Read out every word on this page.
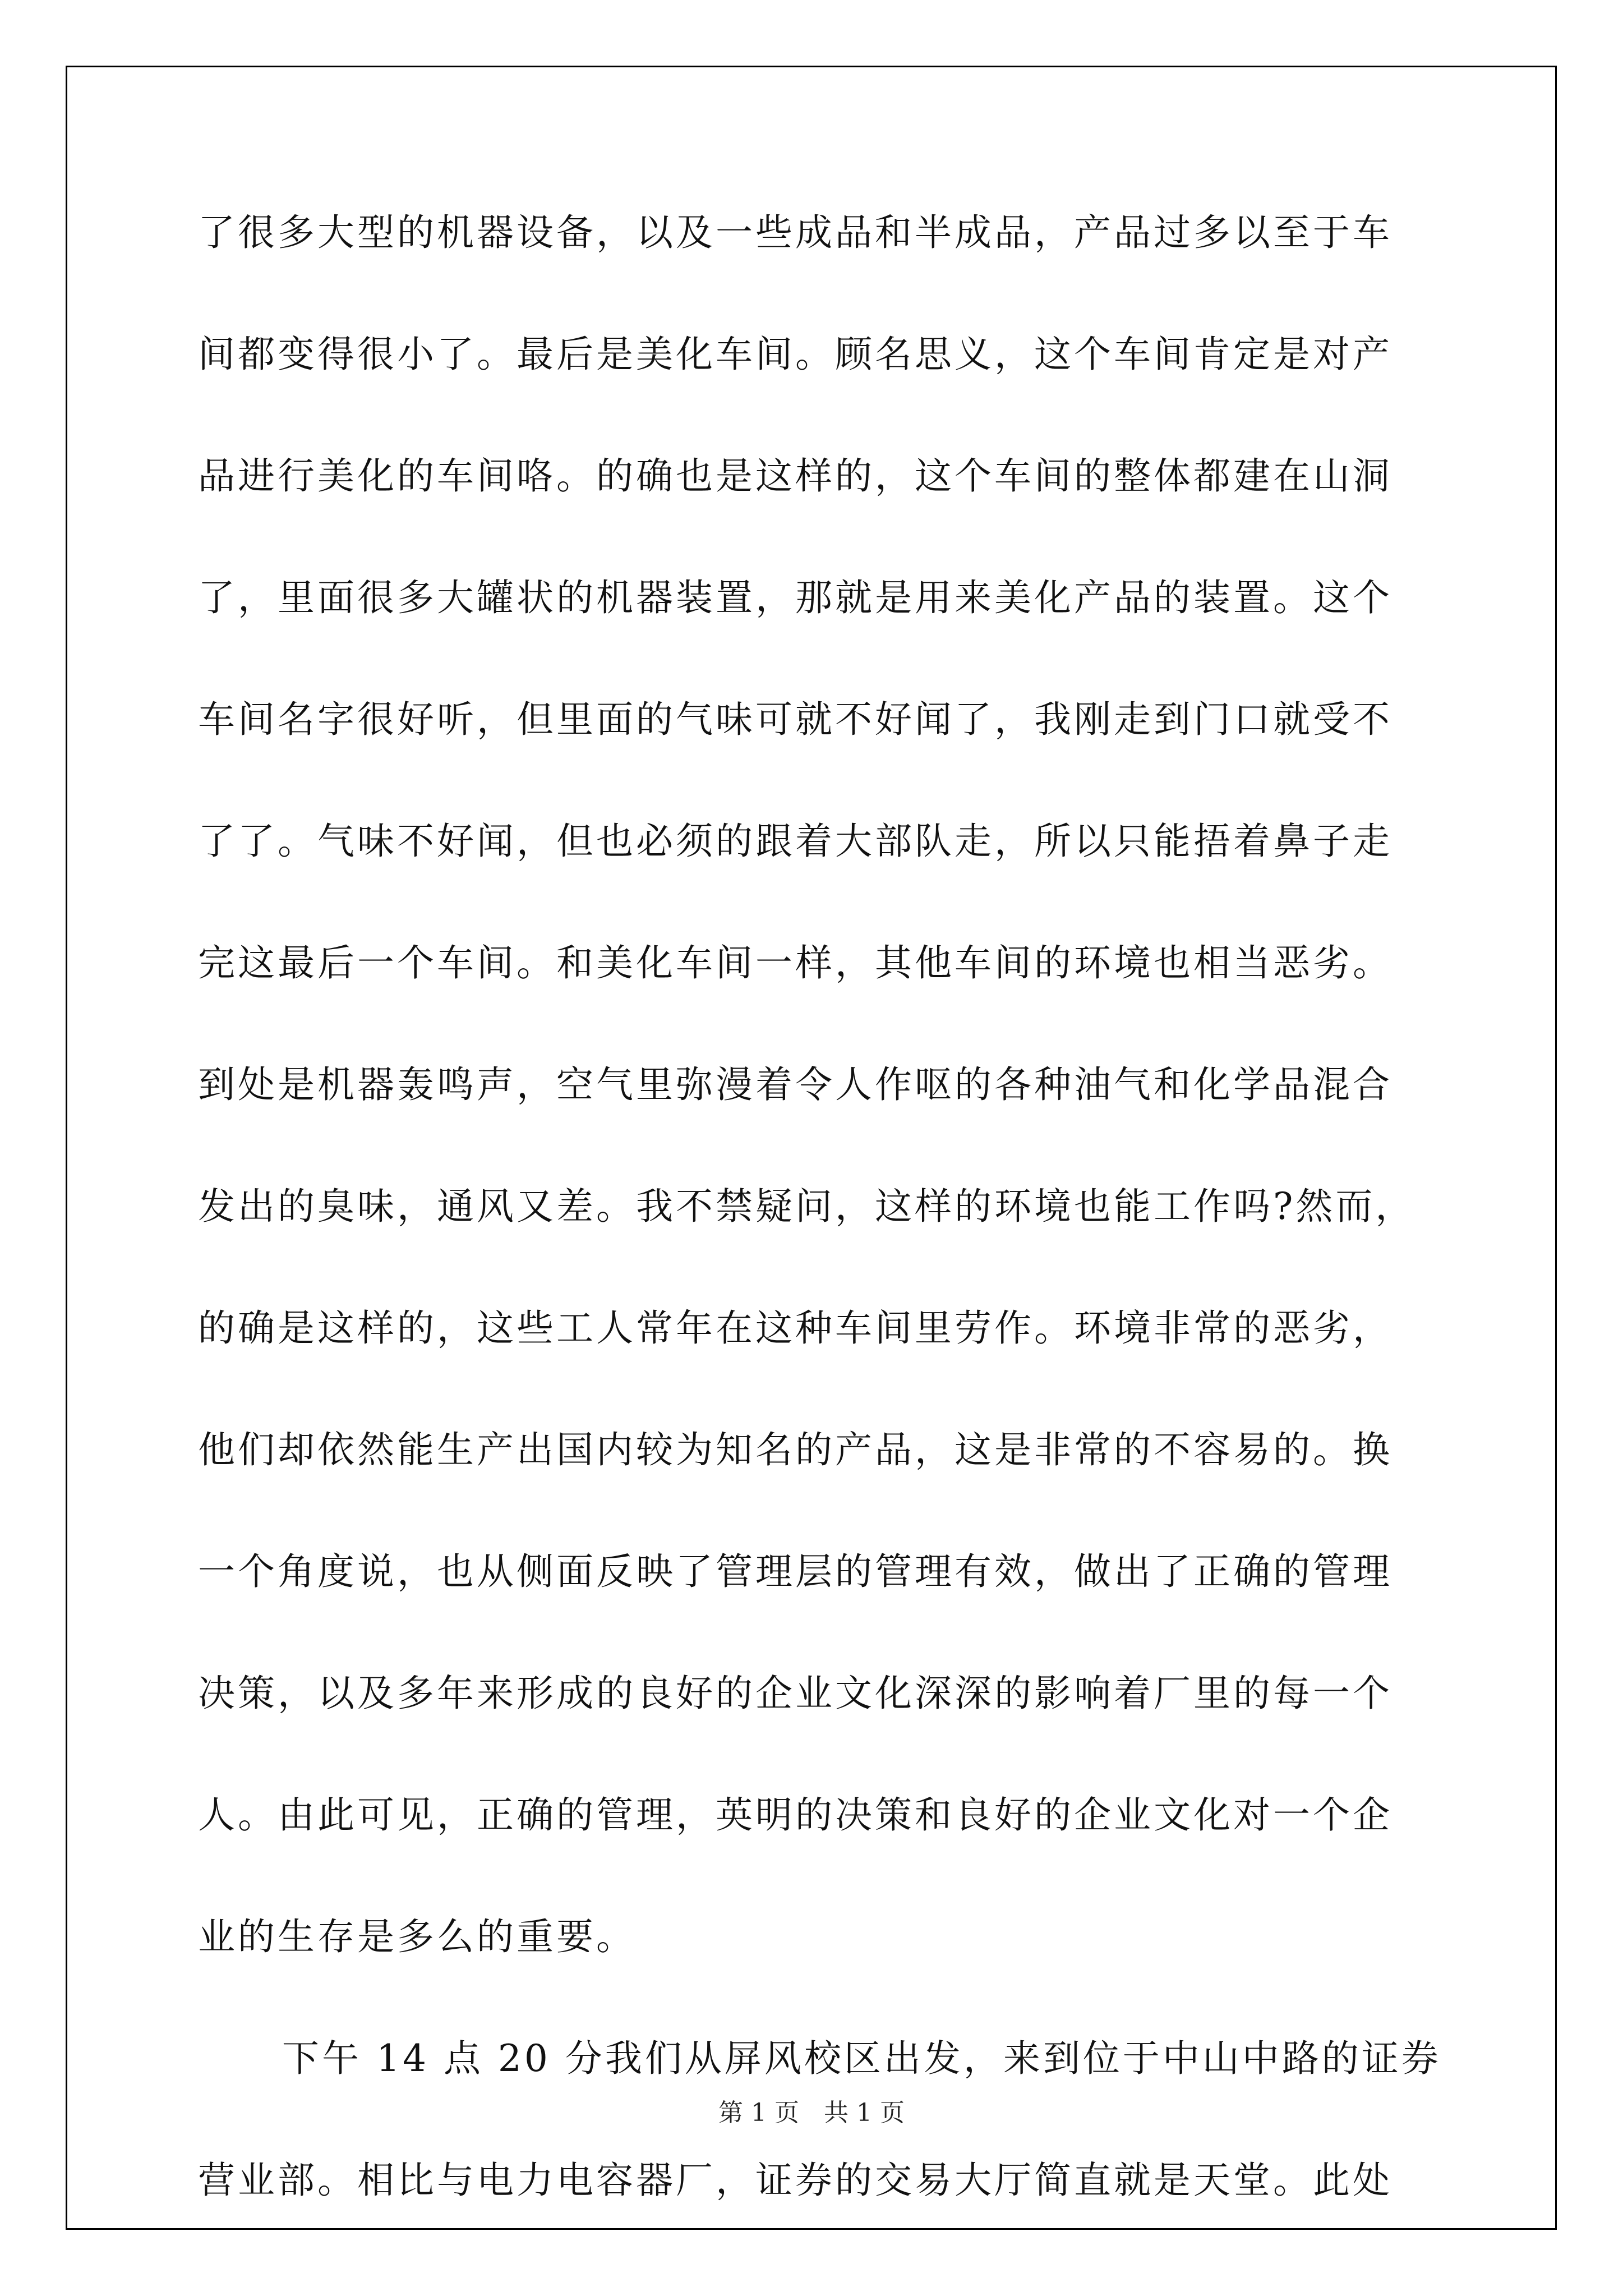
了很多大型的机器设备，以及一些成品和半成品，产品过多以至于车
间都变得很小了。最后是美化车间。顾名思义，这个车间肯定是对产
品进行美化的车间咯。的确也是这样的，这个车间的整体都建在山洞
了，里面很多大罐状的机器装置，那就是用来美化产品的装置。这个
车间名字很好听，但里面的气味可就不好闻了，我刚走到门口就受不
了了。气味不好闻，但也必须的跟着大部队走，所以只能捂着鼻子走
完这最后一个车间。和美化车间一样，其他车间的环境也相当恶劣。
到处是机器轰鸣声，空气里弥漫着令人作呕的各种油气和化学品混合
发出的臭味，通风又差。我不禁疑问，这样的环境也能工作吗?然而，
的确是这样的，这些工人常年在这种车间里劳作。环境非常的恶劣，
他们却依然能生产出国内较为知名的产品，这是非常的不容易的。换
一个角度说，也从侧面反映了管理层的管理有效，做出了正确的管理
决策，以及多年来形成的良好的企业文化深深的影响着厂里的每一个
人。由此可见，正确的管理，英明的决策和良好的企业文化对一个企
业的生存是多么的重要。
下午 14 点 20 分我们从屏风校区出发，来到位于中山中路的证券
营业部。相比与电力电容器厂，证券的交易大厅简直就是天堂。此处
第 1 页 共 1 页
